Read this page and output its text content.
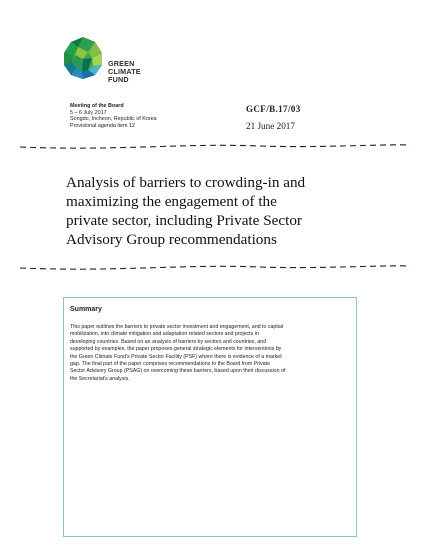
GREEN
CLIMATE
FUND
Meeting of the Board
5 – 6 July 2017
Songdo, Incheon, Republic of Korea
Provisional agenda item 12
GCF/B.17/03
21 June 2017
Analysis of barriers to crowding-in and
maximizing the engagement of the
private sector, including Private Sector
Advisory Group recommendations
Summary
This paper outlines the barriers to private sector investment and engagement, and to capital
mobilization, into climate mitigation and adaptation related sectors and projects in
developing countries. Based on an analysis of barriers by sectors and countries, and
supported by examples, the paper proposes general strategic elements for interventions by
the Green Climate Fund's Private Sector Facility (PSF) where there is evidence of a market
gap. The final part of the paper comprises recommendations to the Board from Private
Sector Advisory Group (PSAG) on overcoming these barriers, based upon their discussion of
the Secretariat's analysis.
